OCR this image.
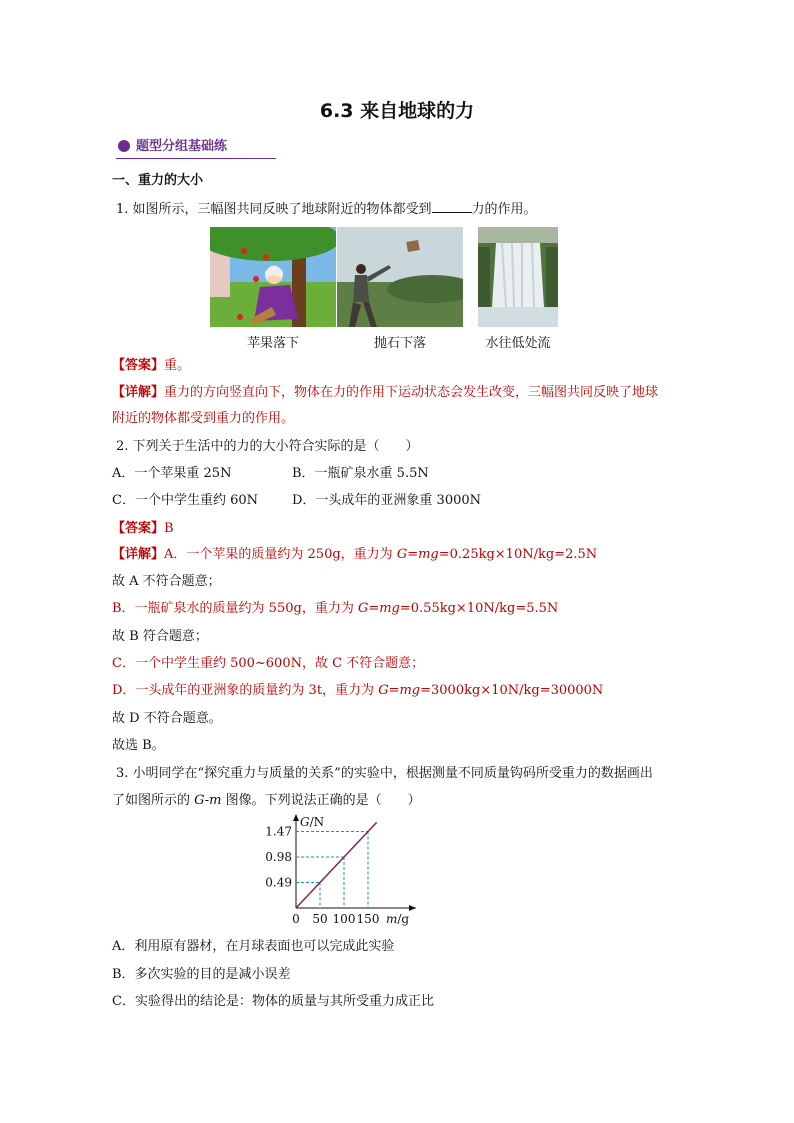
6.3 来自地球的力
题型分组基础练
一、重力的大小
1. 如图所示，三幅图共同反映了地球附近的物体都受到	力的作用。
苹果落下	抛石下落	水往低处流
【答案】重。
【详解】重力的方向竖直向下，物体在力的作用下运动状态会发生改变，三幅图共同反映了地球
附近的物体都受到重力的作用。
2. 下列关于生活中的力的大小符合实际的是（　　）
A．一个苹果重 25N	B．一瓶矿泉水重 5.5N
C．一个中学生重约 60N	D．一头成年的亚洲象重 3000N
【答案】B
【详解】A．一个苹果的质量约为 250g，重力为 G=mg=0.25kg×10N/kg=2.5N
故 A 不符合题意；
B．一瓶矿泉水的质量约为 550g，重力为 G=mg=0.55kg×10N/kg=5.5N
故 B 符合题意；
C．一个中学生重约 500~600N，故 C 不符合题意；
D．一头成年的亚洲象的质量约为 3t，重力为 G=mg=3000kg×10N/kg=30000N
故 D 不符合题意。
故选 B。
3. 小明同学在“探究重力与质量的关系”的实验中，根据测量不同质量钩码所受重力的数据画出
了如图所示的 G-m 图像。下列说法正确的是（　　）
0.49
0.98
1.47
50 100 150
0
G/N
m/g
A．利用原有器材，在月球表面也可以完成此实验
B．多次实验的目的是减小误差
C．实验得出的结论是：物体的质量与其所受重力成正比
